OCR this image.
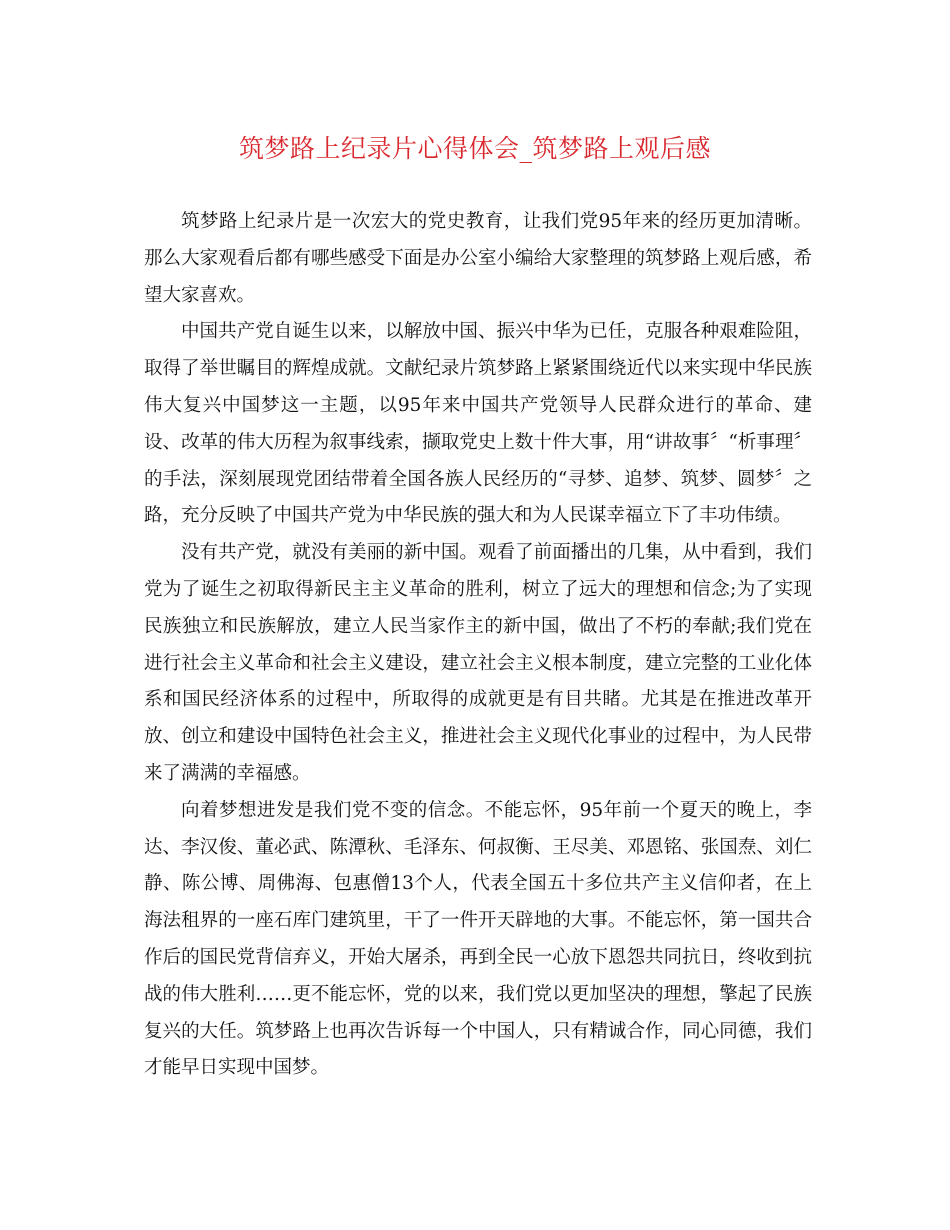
筑梦路上纪录片心得体会_筑梦路上观后感

筑梦路上纪录片是一次宏大的党史教育，让我们党95年来的经历更加清晰。那么大家观看后都有哪些感受下面是办公室小编给大家整理的筑梦路上观后感，希望大家喜欢。

中国共产党自诞生以来，以解放中国、振兴中华为已任，克服各种艰难险阻，取得了举世瞩目的辉煌成就。文献纪录片筑梦路上紧紧围绕近代以来实现中华民族伟大复兴中国梦这一主题，以95年来中国共产党领导人民群众进行的革命、建设、改革的伟大历程为叙事线索，撷取党史上数十件大事，用“讲故事〞“析事理〞的手法，深刻展现党团结带着全国各族人民经历的“寻梦、追梦、筑梦、圆梦〞之路，充分反映了中国共产党为中华民族的强大和为人民谋幸福立下了丰功伟绩。

没有共产党，就没有美丽的新中国。观看了前面播出的几集，从中看到，我们党为了诞生之初取得新民主主义革命的胜利，树立了远大的理想和信念;为了实现民族独立和民族解放，建立人民当家作主的新中国，做出了不朽的奉献;我们党在进行社会主义革命和社会主义建设，建立社会主义根本制度，建立完整的工业化体系和国民经济体系的过程中，所取得的成就更是有目共睹。尤其是在推进改革开放、创立和建设中国特色社会主义，推进社会主义现代化事业的过程中，为人民带来了满满的幸福感。

向着梦想进发是我们党不变的信念。不能忘怀，95年前一个夏天的晚上，李达、李汉俊、董必武、陈潭秋、毛泽东、何叔衡、王尽美、邓恩铭、张国焘、刘仁静、陈公博、周佛海、包惠僧13个人，代表全国五十多位共产主义信仰者，在上海法租界的一座石库门建筑里，干了一件开天辟地的大事。不能忘怀，第一国共合作后的国民党背信弃义，开始大屠杀，再到全民一心放下恩怨共同抗日，终收到抗战的伟大胜利……更不能忘怀，党的以来，我们党以更加坚决的理想，擎起了民族复兴的大任。筑梦路上也再次告诉每一个中国人，只有精诚合作，同心同德，我们才能早日实现中国梦。
